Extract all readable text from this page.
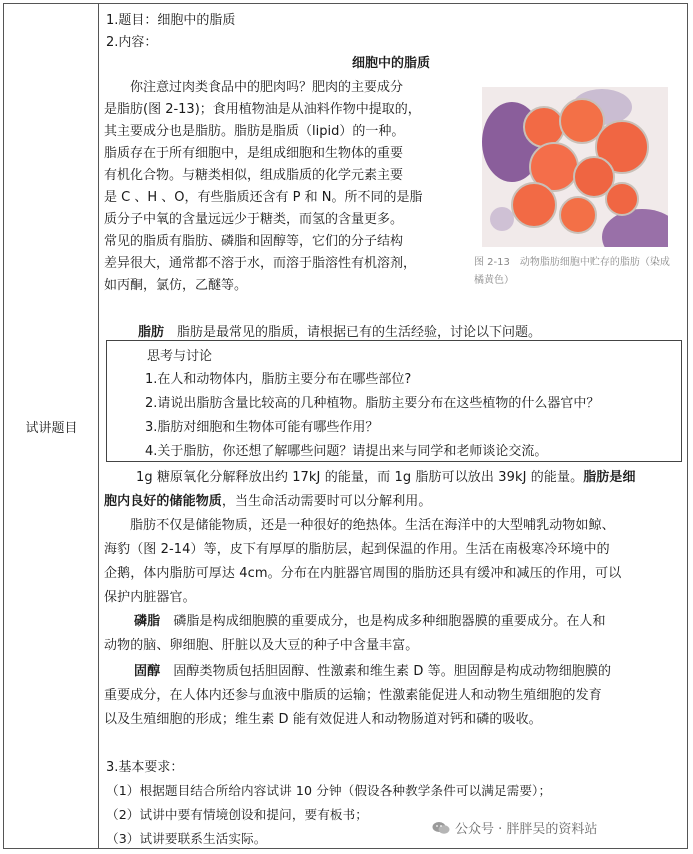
试讲题目
1.题目：细胞中的脂质
2.内容：
细胞中的脂质
你注意过肉类食品中的肥肉吗？肥肉的主要成分
是脂肪(图 2-13)；食用植物油是从油料作物中提取的，
其主要成分也是脂肪。脂肪是脂质（lipid）的一种。
脂质存在于所有细胞中，是组成细胞和生物体的重要
有机化合物。与糖类相似，组成脂质的化学元素主要
是 C 、H 、O，有些脂质还含有 P 和 N。所不同的是脂
质分子中氧的含量远远少于糖类，而氢的含量更多。
常见的脂质有脂肪、磷脂和固醇等，它们的分子结构
差异很大，通常都不溶于水，而溶于脂溶性有机溶剂，
如丙酮，氯仿，乙醚等。
图 2-13　动物脂肪细胞中贮存的脂肪（染成橘黄色）
脂肪　 脂肪是最常见的脂质，请根据已有的生活经验，讨论以下问题。
思考与讨论
1.在人和动物体内，脂肪主要分布在哪些部位?
2.请说出脂肪含量比较高的几种植物。脂肪主要分布在这些植物的什么器官中？
3.脂肪对细胞和生物体可能有哪些作用？
4.关于脂肪，你还想了解哪些问题？请提出来与同学和老师谈论交流。
1g 糖原氧化分解释放出约 17kJ 的能量，而 1g 脂肪可以放出 39kJ 的能量。脂肪是细
胞内良好的储能物质，当生命活动需要时可以分解利用。
脂肪不仅是储能物质，还是一种很好的绝热体。生活在海洋中的大型哺乳动物如鲸、
海豹（图 2-14）等，皮下有厚厚的脂肪层，起到保温的作用。生活在南极寒冷环境中的
企鹅，体内脂肪可厚达 4cm。分布在内脏器官周围的脂肪还具有缓冲和减压的作用，可以
保护内脏器官。
磷脂　 磷脂是构成细胞膜的重要成分，也是构成多种细胞器膜的重要成分。在人和
动物的脑、卵细胞、肝脏以及大豆的种子中含量丰富。
固醇　 固醇类物质包括胆固醇、性激素和维生素 D 等。胆固醇是构成动物细胞膜的
重要成分，在人体内还参与血液中脂质的运输；性激素能促进人和动物生殖细胞的发育
以及生殖细胞的形成；维生素 D 能有效促进人和动物肠道对钙和磷的吸收。
3.基本要求：
（1）根据题目结合所给内容试讲 10 分钟（假设各种教学条件可以满足需要）；
（2）试讲中要有情境创设和提问，要有板书；
（3）试讲要联系生活实际。
公众号 · 胖胖吴的资料站
